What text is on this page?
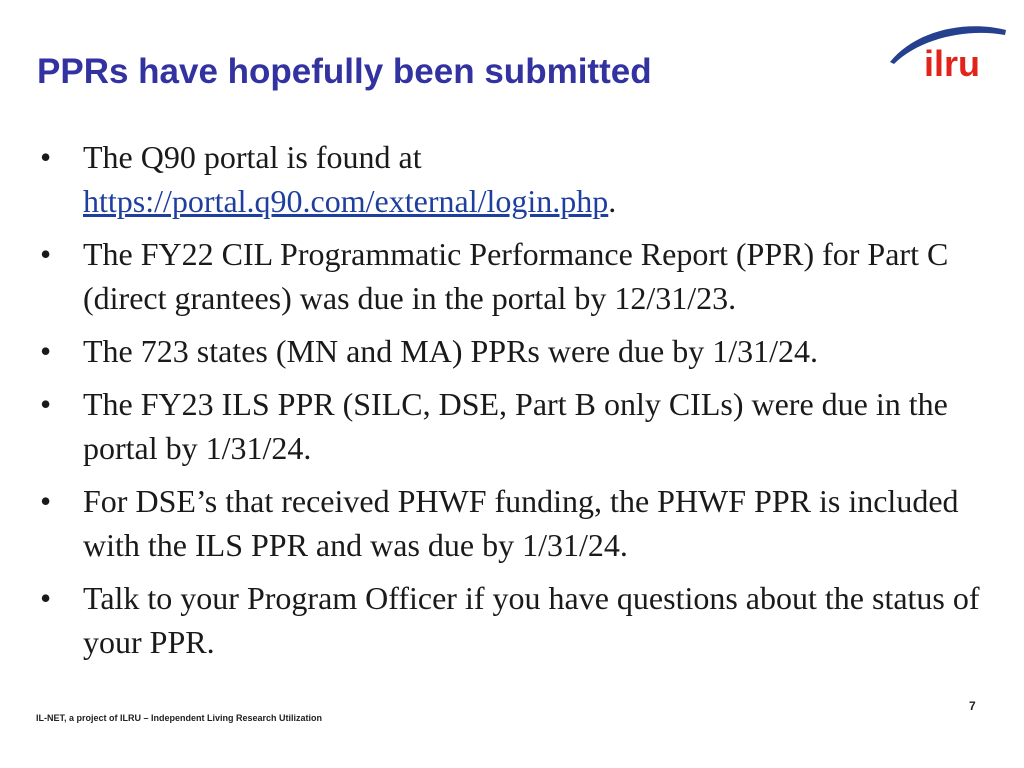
PPRs have hopefully been submitted	ilru
• The Q90 portal is found at
https://portal.q90.com/external/login.php.
• The FY22 CIL Programmatic Performance Report (PPR) for Part C (direct grantees) was due in the portal by 12/31/23.
• The 723 states (MN and MA) PPRs were due by 1/31/24.
• The FY23 ILS PPR (SILC, DSE, Part B only CILs) were due in the portal by 1/31/24.
• For DSE’s that received PHWF funding, the PHWF PPR is included with the ILS PPR and was due by 1/31/24.
• Talk to your Program Officer if you have questions about the status of your PPR.
IL-NET, a project of ILRU – Independent Living Research Utilization
7
